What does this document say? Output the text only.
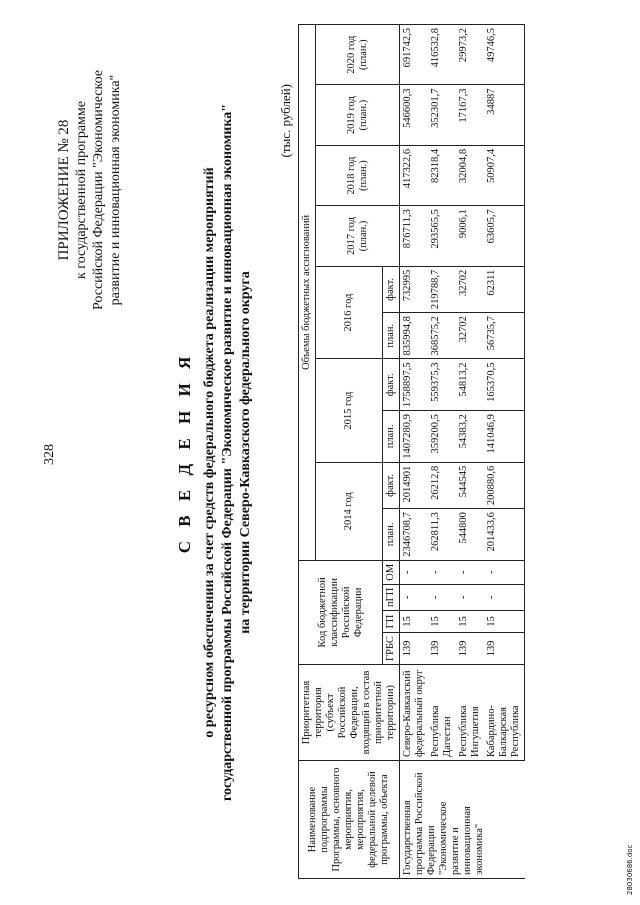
328
ПРИЛОЖЕНИЕ № 28 к государственной программе Российской Федерации "Экономическое развитие и инновационная экономика"
С В Е Д Е Н И Я о ресурсном обеспечении за счет средств федерального бюджета реализации мероприятий государственной программы Российской Федерации "Экономическое развитие и инновационная экономика" на территории Северо-Кавказского федерального округа
(тыс. рублей)
Наименование подпрограммы Программы, основного мероприятия, мероприятия, федеральной целевой программы, объекта	Приоритетная территория (субъект Российской Федерации, входящий в состав приоритетной территории)	Код бюджетной классификации Российской Федерации				Объемы бюджетных ассигнований									
						2014 год		2015 год		2016 год		2017 год (план.)	2018 год (план.)	2019 год (план.)	2020 год (план.)
		ГРБС	ГП	пГП	ОМ	план.	факт.	план.	факт.	план.	факт.				
Государственная программа Российской Федерации "Экономическое развитие и инновационная экономика"	Северо-Кавказский федеральный округ	139	15	-	-	2346708,7	2014901	1407280,9	1758897,5	835994,8	732995	876711,3	417322,6	546600,3	691742,5
	Республика Дагестан	139	15	-	-	262811,3	26212,8	359200,5	559375,3	368575,2	219788,7	293565,5	82318,4	352301,7	416532,8
	Республика Ингушетия	139	15	-	-	544800	544545	54383,2	54813,2	32702	32702	9006,1	32004,8	17167,3	29973,2
	Кабардино-Балкарская Республика	139	15	-	-	201433,6	200880,6	141046,9	165370,5	56735,7	62311	63605,7	50907,4	34887	49746,5
28030686.doc
